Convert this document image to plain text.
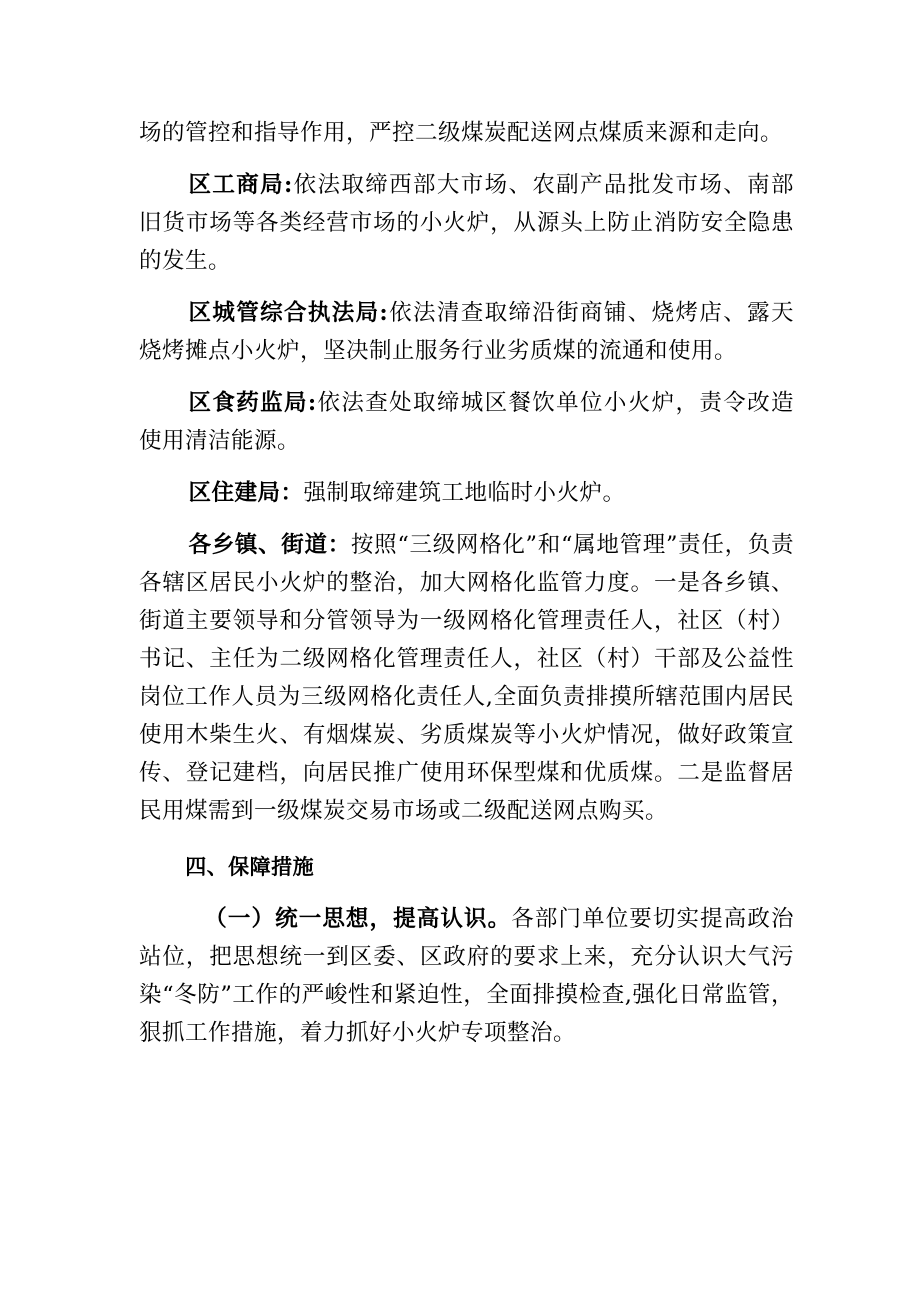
场的管控和指导作用，严控二级煤炭配送网点煤质来源和走向。

区工商局:依法取缔西部大市场、农副产品批发市场、南部旧货市场等各类经营市场的小火炉，从源头上防止消防安全隐患的发生。

区城管综合执法局:依法清查取缔沿街商铺、烧烤店、露天烧烤摊点小火炉，坚决制止服务行业劣质煤的流通和使用。

区食药监局:依法查处取缔城区餐饮单位小火炉，责令改造使用清洁能源。

区住建局：强制取缔建筑工地临时小火炉。

各乡镇、街道：按照“三级网格化”和“属地管理”责任，负责各辖区居民小火炉的整治，加大网格化监管力度。一是各乡镇、街道主要领导和分管领导为一级网格化管理责任人，社区（村）书记、主任为二级网格化管理责任人，社区（村）干部及公益性岗位工作人员为三级网格化责任人,全面负责排摸所辖范围内居民使用木柴生火、有烟煤炭、劣质煤炭等小火炉情况，做好政策宣传、登记建档，向居民推广使用环保型煤和优质煤。二是监督居民用煤需到一级煤炭交易市场或二级配送网点购买。

四、保障措施

（一）统一思想，提高认识。各部门单位要切实提高政治站位，把思想统一到区委、区政府的要求上来，充分认识大气污染“冬防”工作的严峻性和紧迫性，全面排摸检查,强化日常监管，狠抓工作措施，着力抓好小火炉专项整治。
